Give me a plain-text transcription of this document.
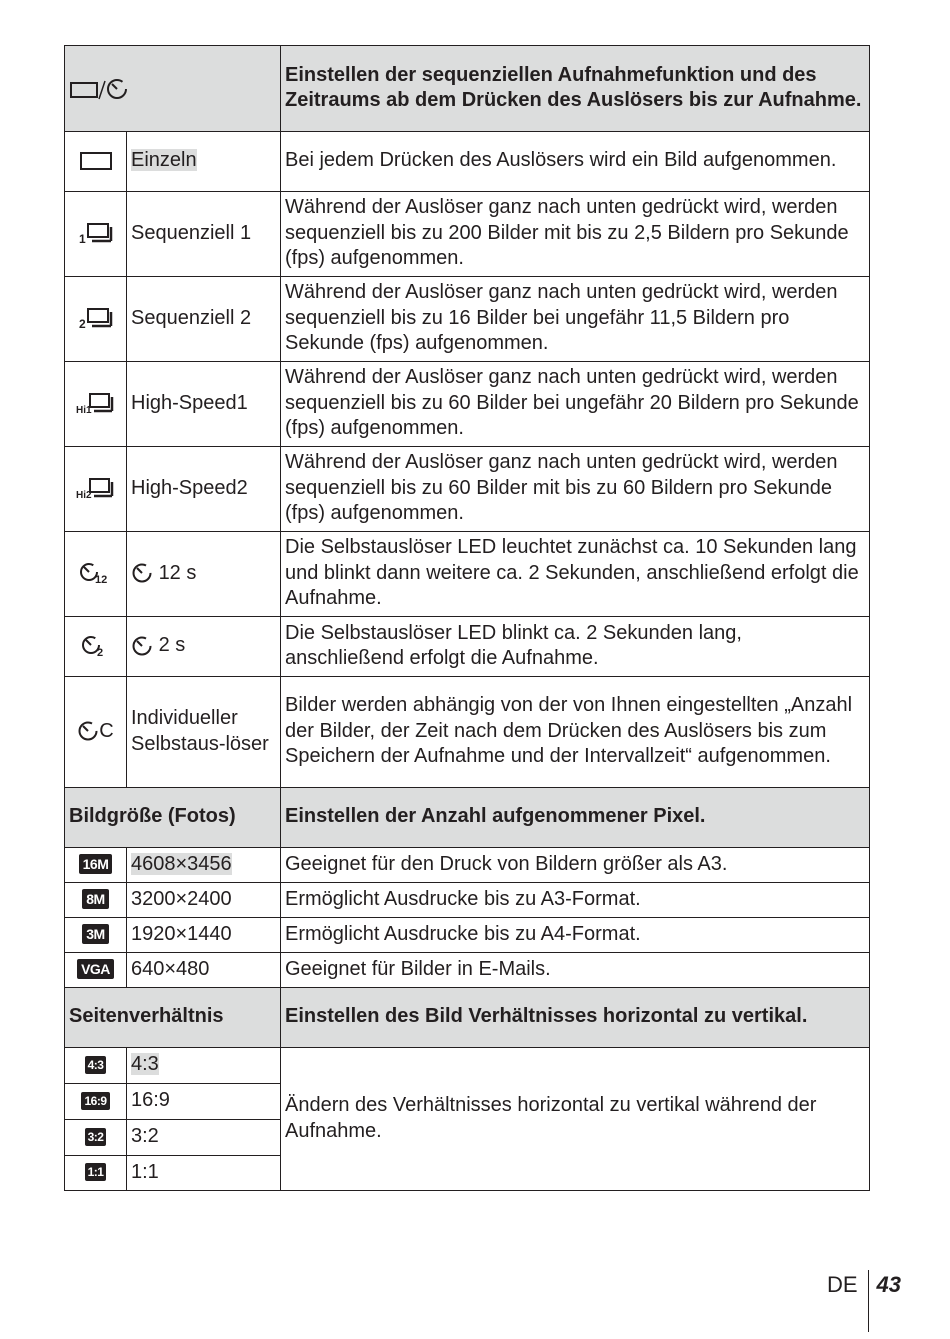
	Einstellen der sequenziellen Aufnahmefunktion und des Zeitraums ab dem Drücken des Auslösers bis zur Aufnahme.
	Einzeln	Bei jedem Drücken des Auslösers wird ein Bild aufgenommen.

1	Sequenziell 1	Während der Auslöser ganz nach unten gedrückt wird, werden sequenziell bis zu 200 Bilder mit bis zu 2,5 Bildern pro Sekunde (fps) aufgenommen.

2	Sequenziell 2	Während der Auslöser ganz nach unten gedrückt wird, werden sequenziell bis zu 16 Bilder bei ungefähr 11,5 Bildern pro Sekunde (fps) aufgenommen.

Hi1	High-Speed1	Während der Auslöser ganz nach unten gedrückt wird, werden sequenziell bis zu 60 Bilder bei ungefähr 20 Bildern pro Sekunde (fps) aufgenommen.

Hi2	High-Speed2	Während der Auslöser ganz nach unten gedrückt wird, werden sequenziell bis zu 60 Bilder mit bis zu 60 Bildern pro Sekunde (fps) aufgenommen.

12	12 s	Die Selbstauslöser LED leuchtet zunächst ca. 10 Sekunden lang und blinkt dann weitere ca. 2 Sekunden, anschließend erfolgt die Aufnahme.

2	2 s	Die Selbstauslöser LED blinkt ca. 2 Sekunden lang, anschließend erfolgt die Aufnahme.
C	Individueller Selbstaus-löser	Bilder werden abhängig von der von Ihnen eingestellten „Anzahl der Bilder, der Zeit nach dem Drücken des Auslösers bis zum Speichern der Aufnahme und der Intervallzeit“ aufgenommen.
Bildgröße (Fotos)		Einstellen der Anzahl aufgenommener Pixel.
16M	4608×3456	Geeignet für den Druck von Bildern größer als A3.
8M	3200×2400	Ermöglicht Ausdrucke bis zu A3-Format.
3M	1920×1440	Ermöglicht Ausdrucke bis zu A4-Format.
VGA	640×480	Geeignet für Bilder in E-Mails.
Seitenverhältnis		Einstellen des Bild Verhältnisses horizontal zu vertikal.
4:3	4:3	Ändern des Verhältnisses horizontal zu vertikal während der Aufnahme.
16:9	16:9	
3:2	3:2	
1:1	1:1	
DE 43
